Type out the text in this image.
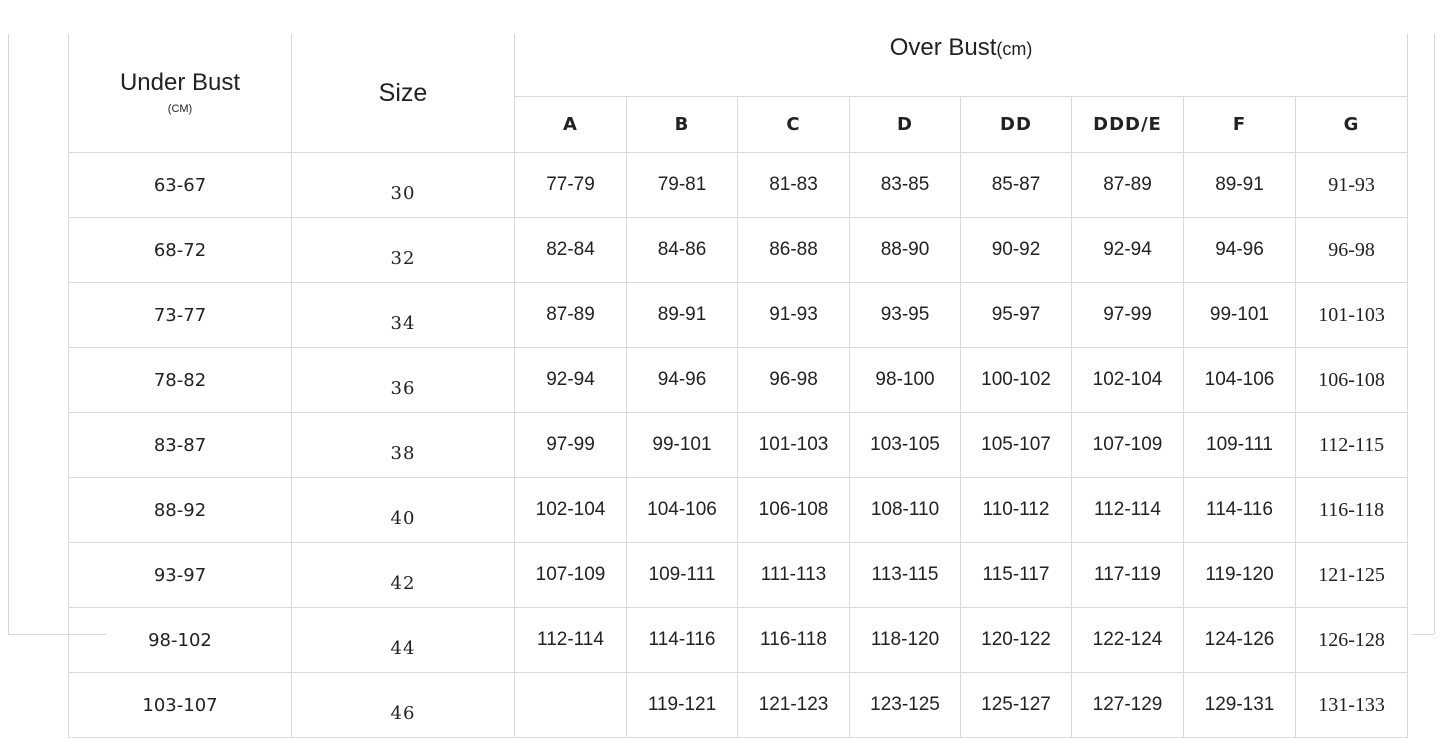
Under Bust
(CM)	Size	Over Bust(cm)							
		A	B	C	D	DD	DDD/E	F	G
63-67	30	77-79	79-81	81-83	83-85	85-87	87-89	89-91	91-93
68-72	32	82-84	84-86	86-88	88-90	90-92	92-94	94-96	96-98
73-77	34	87-89	89-91	91-93	93-95	95-97	97-99	99-101	101-103
78-82	36	92-94	94-96	96-98	98-100	100-102	102-104	104-106	106-108
83-87	38	97-99	99-101	101-103	103-105	105-107	107-109	109-111	112-115
88-92	40	102-104	104-106	106-108	108-110	110-112	112-114	114-116	116-118
93-97	42	107-109	109-111	111-113	113-115	115-117	117-119	119-120	121-125
98-102	44	112-114	114-116	116-118	118-120	120-122	122-124	124-126	126-128
103-107	46		119-121	121-123	123-125	125-127	127-129	129-131	131-133
